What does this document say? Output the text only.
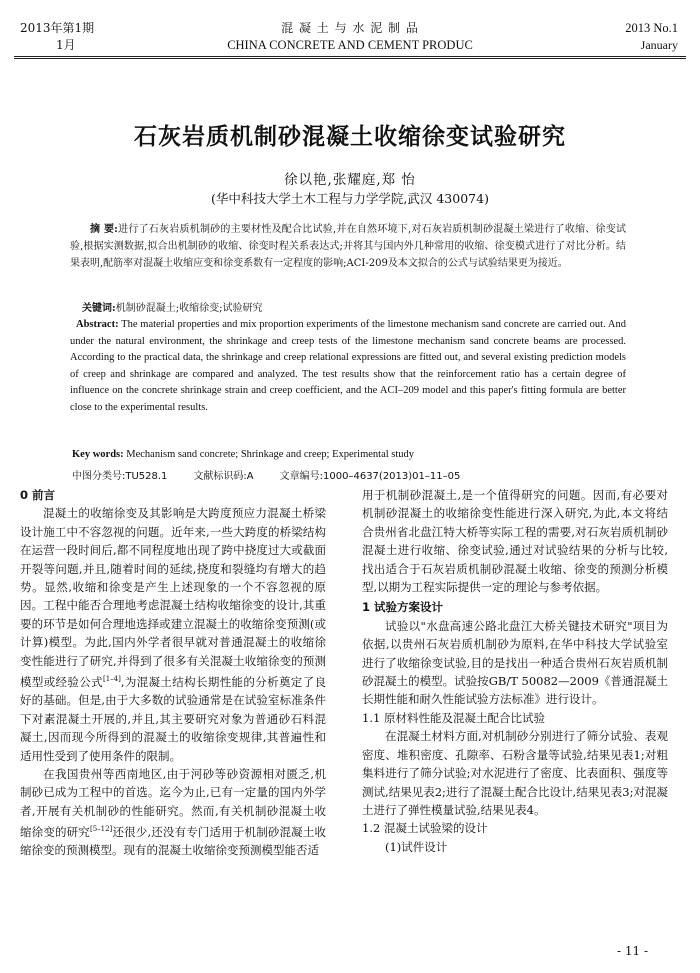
2013年第1期
1月
混 凝 土 与 水 泥 制 品
CHINA CONCRETE AND CEMENT PRODUC
2013 No.1
January
石灰岩质机制砂混凝土收缩徐变试验研究
徐以艳,张耀庭,郑 怡
(华中科技大学土木工程与力学学院,武汉 430074)
摘 要:进行了石灰岩质机制砂的主要材性及配合比试验,并在自然环境下,对石灰岩质机制砂混凝土梁进行了收缩、徐变试验,根据实测数据,拟合出机制砂的收缩、徐变时程关系表达式;并将其与国内外几种常用的收缩、徐变模式进行了对比分析。结果表明,配筋率对混凝土收缩应变和徐变系数有一定程度的影响;ACI-209及本文拟合的公式与试验结果更为接近。
关键词:机制砂混凝土;收缩徐变;试验研究
Abstract: The material properties and mix proportion experiments of the limestone mechanism sand concrete are carried out. And under the natural environment, the shrinkage and creep tests of the limestone mechanism sand concrete beams are processed. According to the practical data, the shrinkage and creep relational expressions are fitted out, and several existing prediction models of creep and shrinkage are compared and analyzed. The test results show that the reinforcement ratio has a certain degree of influence on the concrete shrinkage strain and creep coefficient, and the ACI–209 model and this paper's fitting formula are better close to the experimental results.
Key words: Mechanism sand concrete; Shrinkage and creep; Experimental study
中图分类号:TU528.1	文献标识码:A	文章编号:1000–4637(2013)01–11–05

0 前言

混凝土的收缩徐变及其影响是大跨度预应力混凝土桥梁设计施工中不容忽视的问题。近年来,一些大跨度的桥梁结构在运营一段时间后,都不同程度地出现了跨中挠度过大或截面开裂等问题,并且,随着时间的延续,挠度和裂缝均有增大的趋势。显然,收缩和徐变是产生上述现象的一个不容忽视的原因。工程中能否合理地考虑混凝土结构收缩徐变的设计,其重要的环节是如何合理地选择或建立混凝土的收缩徐变预测(或计算)模型。为此,国内外学者很早就对普通混凝土的收缩徐变性能进行了研究,并得到了很多有关混凝土收缩徐变的预测模型或经验公式[1–4],为混凝土结构长期性能的分析奠定了良好的基础。但是,由于大多数的试验通常是在试验室标准条件下对素混凝土开展的,并且,其主要研究对象为普通砂石料混凝土,因而现今所得到的混凝土的收缩徐变规律,其普遍性和适用性受到了使用条件的限制。

在我国贵州等西南地区,由于河砂等砂资源相对匮乏,机制砂已成为工程中的首选。迄今为止,已有一定量的国内外学者,开展有关机制砂的性能研究。然而,有关机制砂混凝土收缩徐变的研究[5–12]还很少,还没有专门适用于机制砂混凝土收缩徐变的预测模型。现有的混凝土收缩徐变预测模型能否适

用于机制砂混凝土,是一个值得研究的问题。因而,有必要对机制砂混凝土的收缩徐变性能进行深入研究,为此,本文将结合贵州省北盘江特大桥等实际工程的需要,对石灰岩质机制砂混凝土进行收缩、徐变试验,通过对试验结果的分析与比较,找出适合于石灰岩质机制砂混凝土收缩、徐变的预测分析模型,以期为工程实际提供一定的理论与参考依据。

1 试验方案设计

试验以"水盘高速公路北盘江大桥关键技术研究"项目为依据,以贵州石灰岩质机制砂为原料,在华中科技大学试验室进行了收缩徐变试验,目的是找出一种适合贵州石灰岩质机制砂混凝土的模型。试验按GB/T 50082—2009《普通混凝土长期性能和耐久性能试验方法标准》进行设计。

1.1 原材料性能及混凝土配合比试验

在混凝土材料方面,对机制砂分别进行了筛分试验、表观密度、堆积密度、孔隙率、石粉含量等试验,结果见表1;对粗集料进行了筛分试验;对水泥进行了密度、比表面积、强度等测试,结果见表2;进行了混凝土配合比设计,结果见表3;对混凝土进行了弹性模量试验,结果见表4。

1.2 混凝土试验梁的设计

(1)试件设计

- 11 -
